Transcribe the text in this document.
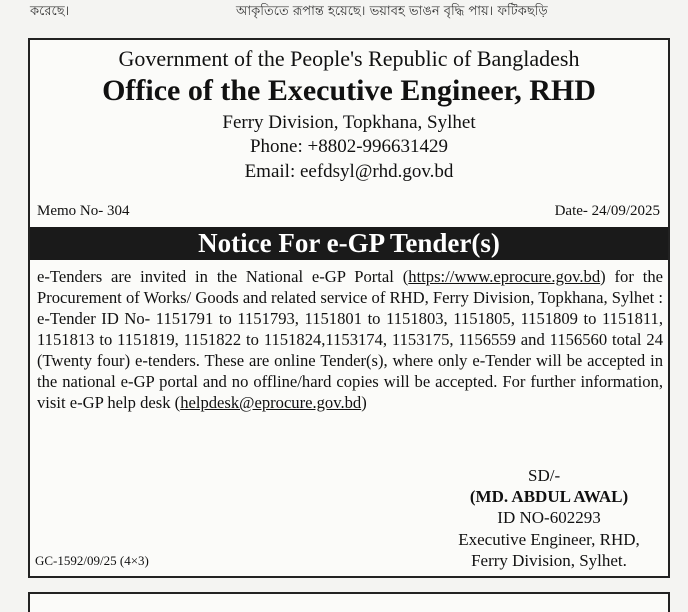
করেছে।	আকৃতিতে রূপান্ত হয়েছে। ভয়াবহ ভাঙন বৃদ্ধি পায়। ফটিকছড়ি
Government of the People's Republic of Bangladesh
Office of the Executive Engineer, RHD
Ferry Division, Topkhana, Sylhet
Phone: +8802-996631429
Email: eefdsyl@rhd.gov.bd
Memo No- 304	Date- 24/09/2025
Notice For e-GP Tender(s)

e-Tenders are invited in the National e-GP Portal (https://www.eprocure.gov.bd) for the Procurement of Works/ Goods and related service of RHD, Ferry Division, Topkhana, Sylhet : e-Tender ID No- 1151791 to 1151793, 1151801 to 1151803, 1151805, 1151809 to 1151811, 1151813 to 1151819, 1151822 to 1151824,1153174, 1153175, 1156559 and 1156560 total 24 (Twenty four) e-tenders. These are online Tender(s), where only e-Tender will be accepted in the national e-GP portal and no offline/hard copies will be accepted. For further information, visit e-GP help desk (helpdesk@eprocure.gov.bd)

SD/-
(MD. ABDUL AWAL)
ID NO-602293
Executive Engineer, RHD,
Ferry Division, Sylhet.
GC-1592/09/25 (4×3)
